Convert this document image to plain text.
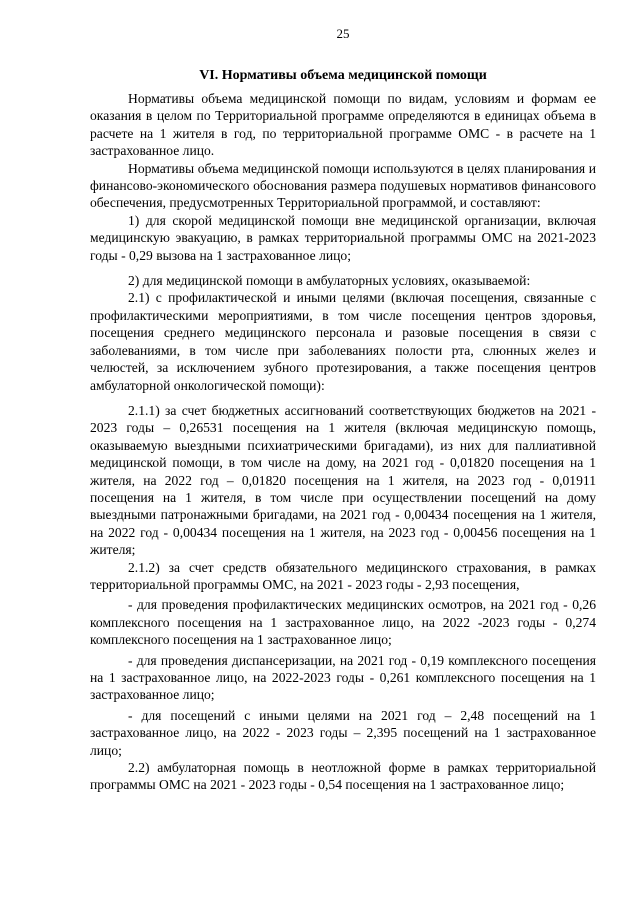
25
VI. Нормативы объема медицинской помощи

Нормативы объема медицинской помощи по видам, условиям и формам ее оказания в целом по Территориальной программе определяются в единицах объема в расчете на 1 жителя в год, по территориальной программе ОМС - в расчете на 1 застрахованное лицо.

Нормативы объема медицинской помощи используются в целях планирования и финансово-экономического обоснования размера подушевых нормативов финансового обеспечения, предусмотренных Территориальной программой, и составляют:

1) для скорой медицинской помощи вне медицинской организации, включая медицинскую эвакуацию, в рамках территориальной программы ОМС на 2021-2023 годы - 0,29 вызова на 1 застрахованное лицо;

2) для медицинской помощи в амбулаторных условиях, оказываемой:

2.1) с профилактической и иными целями (включая посещения, связанные с профилактическими мероприятиями, в том числе посещения центров здоровья, посещения среднего медицинского персонала и разовые посещения в связи с заболеваниями, в том числе при заболеваниях полости рта, слюнных желез и челюстей, за исключением зубного протезирования, а также посещения центров амбулаторной онкологической помощи):

2.1.1) за счет бюджетных ассигнований соответствующих бюджетов на 2021 - 2023 годы – 0,26531 посещения на 1 жителя (включая медицинскую помощь, оказываемую выездными психиатрическими бригадами), из них для паллиативной медицинской помощи, в том числе на дому, на 2021 год - 0,01820 посещения на 1 жителя, на 2022 год – 0,01820 посещения на 1 жителя, на 2023 год - 0,01911 посещения на 1 жителя, в том числе при осуществлении посещений на дому выездными патронажными бригадами, на 2021 год - 0,00434 посещения на 1 жителя, на 2022 год - 0,00434 посещения на 1 жителя, на 2023 год - 0,00456 посещения на 1 жителя;

2.1.2) за счет средств обязательного медицинского страхования, в рамках территориальной программы ОМС, на 2021 - 2023 годы - 2,93 посещения,

- для проведения профилактических медицинских осмотров, на 2021 год - 0,26 комплексного посещения на 1 застрахованное лицо, на 2022 -2023 годы - 0,274 комплексного посещения на 1 застрахованное лицо;

- для проведения диспансеризации, на 2021 год - 0,19 комплексного посещения на 1 застрахованное лицо, на 2022-2023 годы - 0,261 комплексного посещения на 1 застрахованное лицо;

- для посещений с иными целями на 2021 год – 2,48 посещений на 1 застрахованное лицо, на 2022 - 2023 годы – 2,395 посещений на 1 застрахованное лицо;

2.2) амбулаторная помощь в неотложной форме в рамках территориальной программы ОМС на 2021 - 2023 годы - 0,54 посещения на 1 застрахованное лицо;
